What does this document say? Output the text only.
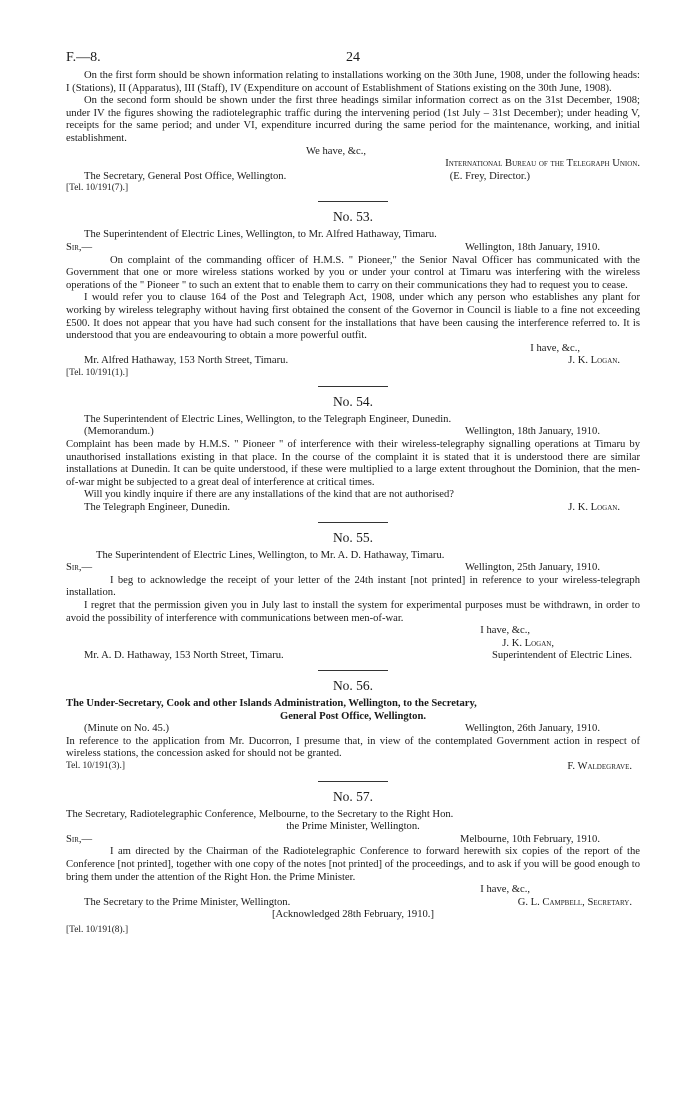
F.—8.	24

On the first form should be shown information relating to installations working on the 30th June, 1908, under the following heads: I (Stations), II (Apparatus), III (Staff), IV (Expenditure on account of Establishment of Stations existing on the 30th June, 1908).

On the second form should be shown under the first three headings similar information correct as on the 31st December, 1908; under IV the figures showing the radiotelegraphic traffic during the intervening period (1st July – 31st December); under heading V, receipts for the same period; and under VI, expenditure incurred during the same period for the maintenance, working, and initial establishment.

We have, &c.,

International Bureau of the Telegraph Union.

The Secretary, General Post Office, Wellington.	(E. Frey, Director.)

[Tel. 10/191(7).]

No. 53.

The Superintendent of Electric Lines, Wellington, to Mr. Alfred Hathaway, Timaru.

Sir,—	Wellington, 18th January, 1910.

On complaint of the commanding officer of H.M.S. " Pioneer," the Senior Naval Officer has communicated with the Government that one or more wireless stations worked by you or under your control at Timaru was interfering with the wireless operations of the " Pioneer " to such an extent that to enable them to carry on their communications they had to request you to cease.

I would refer you to clause 164 of the Post and Telegraph Act, 1908, under which any person who establishes any plant for working by wireless telegraphy without having first obtained the consent of the Governor in Council is liable to a fine not exceeding £500. It does not appear that you have had such consent for the installations that have been causing the interference referred to. It is understood that you are endeavouring to obtain a more powerful outfit.

I have, &c.,

Mr. Alfred Hathaway, 153 North Street, Timaru.	J. K. Logan.

[Tel. 10/191(1).]

No. 54.

The Superintendent of Electric Lines, Wellington, to the Telegraph Engineer, Dunedin.

(Memorandum.)	Wellington, 18th January, 1910.

Complaint has been made by H.M.S. " Pioneer " of interference with their wireless-telegraphy signalling operations at Timaru by unauthorised installations existing in that place. In the course of the complaint it is stated that it is understood there are similar installations at Dunedin. It can be quite understood, if these were multiplied to a large extent throughout the Dominion, that the men-of-war might be subjected to a great deal of interference at critical times.

Will you kindly inquire if there are any installations of the kind that are not authorised?

The Telegraph Engineer, Dunedin.	J. K. Logan.
No. 55.

The Superintendent of Electric Lines, Wellington, to Mr. A. D. Hathaway, Timaru.

Sir,—	Wellington, 25th January, 1910.

I beg to acknowledge the receipt of your letter of the 24th instant [not printed] in reference to your wireless-telegraph installation.

I regret that the permission given you in July last to install the system for experimental purposes must be withdrawn, in order to avoid the possibility of interference with communications between men-of-war.

I have, &c.,

J. K. Logan,

Mr. A. D. Hathaway, 153 North Street, Timaru.	Superintendent of Electric Lines.
No. 56.

The Under-Secretary, Cook and other Islands Administration, Wellington, to the Secretary,

General Post Office, Wellington.

(Minute on No. 45.)	Wellington, 26th January, 1910.

In reference to the application from Mr. Ducorron, I presume that, in view of the contemplated Government action in respect of wireless stations, the concession asked for should not be granted.

Tel. 10/191(3).]	F. Waldegrave.
No. 57.

The Secretary, Radiotelegraphic Conference, Melbourne, to the Secretary to the Right Hon.

the Prime Minister, Wellington.

Sir,—	Melbourne, 10th February, 1910.

I am directed by the Chairman of the Radiotelegraphic Conference to forward herewith six copies of the report of the Conference [not printed], together with one copy of the notes [not printed] of the proceedings, and to ask if you will be good enough to bring them under the attention of the Right Hon. the Prime Minister.

I have, &c.,

The Secretary to the Prime Minister, Wellington.	G. L. Campbell, Secretary.

[Acknowledged 28th February, 1910.]

[Tel. 10/191(8).]
